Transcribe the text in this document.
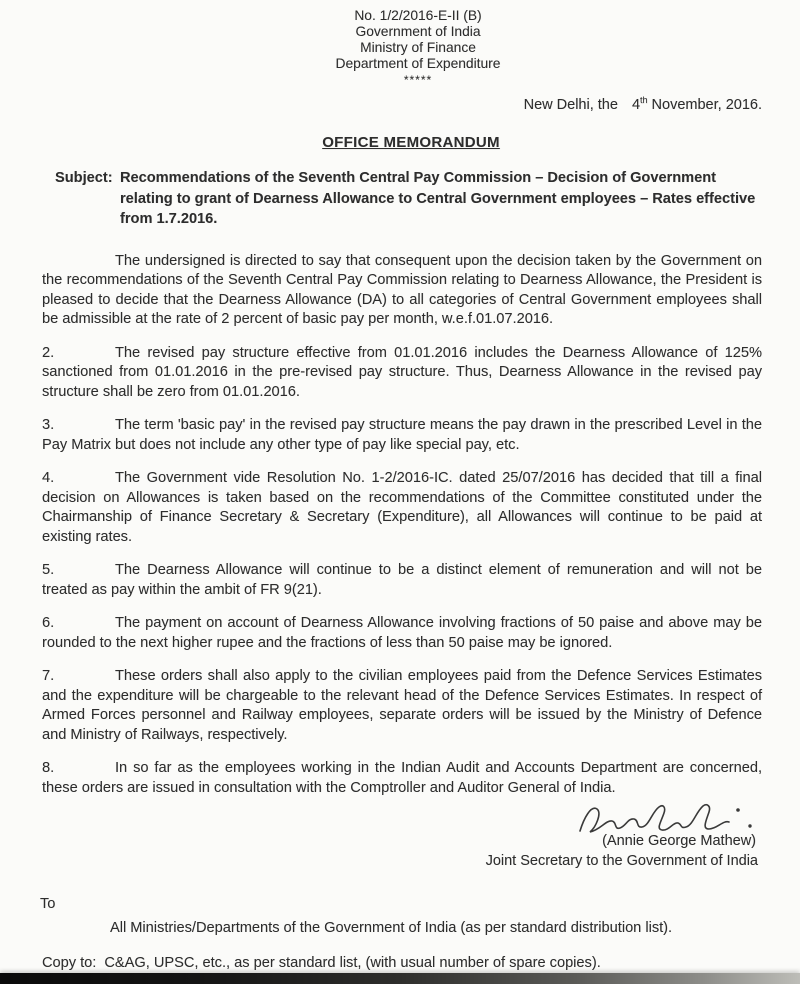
No. 1/2/2016-E-II (B)
Government of India
Ministry of Finance
Department of Expenditure
*****
New Delhi, the 4th November, 2016.
OFFICE MEMORANDUM
Subject: Recommendations of the Seventh Central Pay Commission – Decision of Government relating to grant of Dearness Allowance to Central Government employees – Rates effective from 1.7.2016.

The undersigned is directed to say that consequent upon the decision taken by the Government on the recommendations of the Seventh Central Pay Commission relating to Dearness Allowance, the President is pleased to decide that the Dearness Allowance (DA) to all categories of Central Government employees shall be admissible at the rate of 2 percent of basic pay per month, w.e.f.01.07.2016.

2.	The revised pay structure effective from 01.01.2016 includes the Dearness Allowance of 125% sanctioned from 01.01.2016 in the pre-revised pay structure. Thus, Dearness Allowance in the revised pay structure shall be zero from 01.01.2016.

3.	The term 'basic pay' in the revised pay structure means the pay drawn in the prescribed Level in the Pay Matrix but does not include any other type of pay like special pay, etc.

4.	The Government vide Resolution No. 1-2/2016-IC. dated 25/07/2016 has decided that till a final decision on Allowances is taken based on the recommendations of the Committee constituted under the Chairmanship of Finance Secretary & Secretary (Expenditure), all Allowances will continue to be paid at existing rates.

5.	The Dearness Allowance will continue to be a distinct element of remuneration and will not be treated as pay within the ambit of FR 9(21).

6.	The payment on account of Dearness Allowance involving fractions of 50 paise and above may be rounded to the next higher rupee and the fractions of less than 50 paise may be ignored.

7.	These orders shall also apply to the civilian employees paid from the Defence Services Estimates and the expenditure will be chargeable to the relevant head of the Defence Services Estimates. In respect of Armed Forces personnel and Railway employees, separate orders will be issued by the Ministry of Defence and Ministry of Railways, respectively.

8.	In so far as the employees working in the Indian Audit and Accounts Department are concerned, these orders are issued in consultation with the Comptroller and Auditor General of India.

(Annie George Mathew)
Joint Secretary to the Government of India
To
All Ministries/Departments of the Government of India (as per standard distribution list).
Copy to: C&AG, UPSC, etc., as per standard list, (with usual number of spare copies).
